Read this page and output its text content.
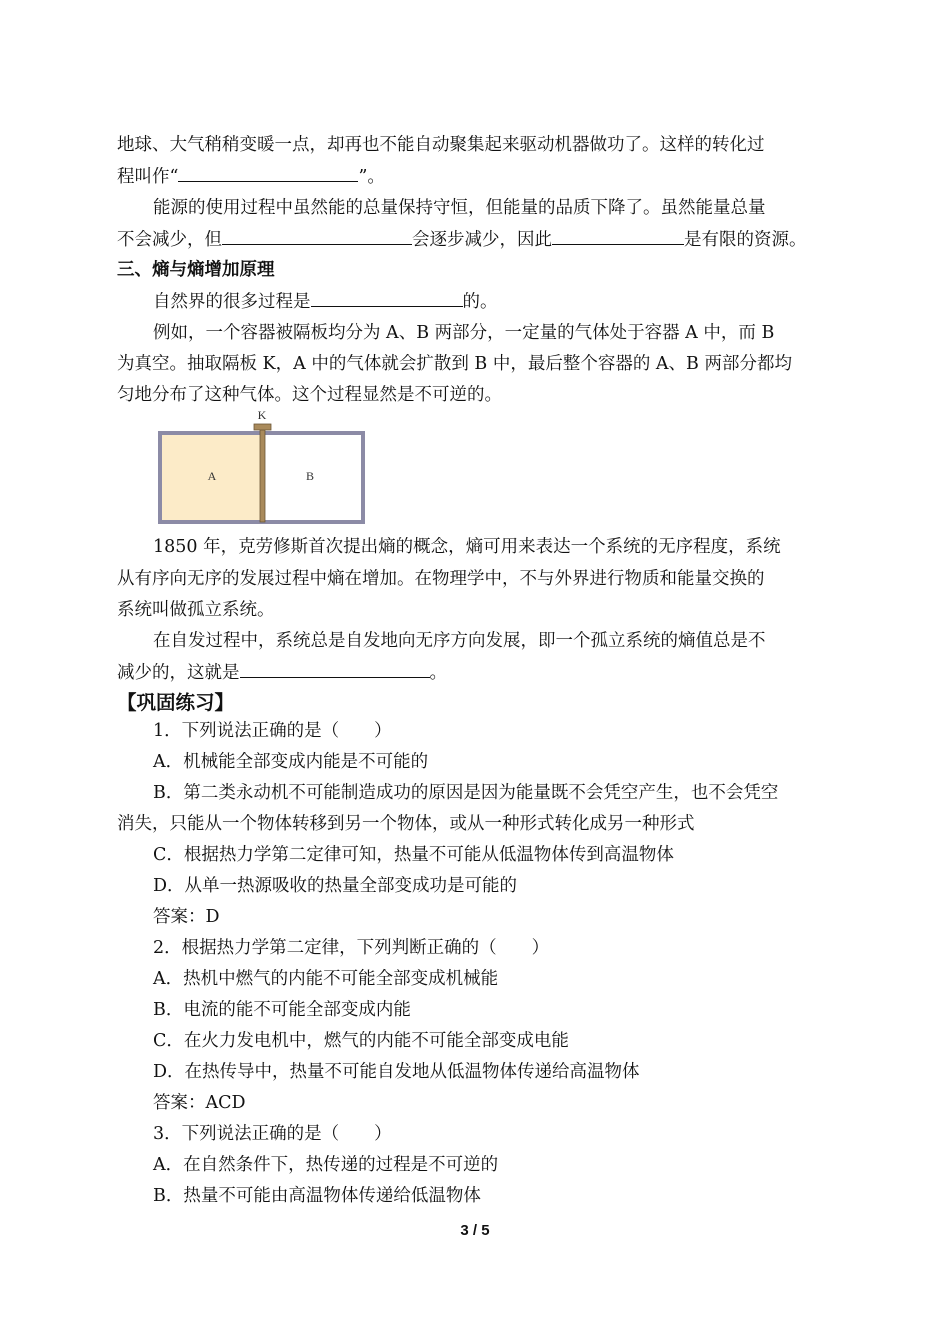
地球、大气稍稍变暖一点，却再也不能自动聚集起来驱动机器做功了。这样的转化过
程叫作“	”。
能源的使用过程中虽然能的总量保持守恒，但能量的品质下降了。虽然能量总量
不会减少，但	会逐步减少，因此	是有限的资源。
三、熵与熵增加原理
自然界的很多过程是	的。
例如，一个容器被隔板均分为 A、B 两部分，一定量的气体处于容器 A 中，而 B
为真空。抽取隔板 K，A 中的气体就会扩散到 B 中，最后整个容器的 A、B 两部分都均
匀地分布了这种气体。这个过程显然是不可逆的。
K
A	B
1850 年，克劳修斯首次提出熵的概念，熵可用来表达一个系统的无序程度，系统
从有序向无序的发展过程中熵在增加。在物理学中，不与外界进行物质和能量交换的
系统叫做孤立系统。
在自发过程中，系统总是自发地向无序方向发展，即一个孤立系统的熵值总是不
减少的，这就是	。
【巩固练习】
1．下列说法正确的是（　　）
A．机械能全部变成内能是不可能的
B．第二类永动机不可能制造成功的原因是因为能量既不会凭空产生，也不会凭空
消失，只能从一个物体转移到另一个物体，或从一种形式转化成另一种形式
C．根据热力学第二定律可知，热量不可能从低温物体传到高温物体
D．从单一热源吸收的热量全部变成功是可能的
答案：D
2．根据热力学第二定律，下列判断正确的（　　）
A．热机中燃气的内能不可能全部变成机械能
B．电流的能不可能全部变成内能
C．在火力发电机中，燃气的内能不可能全部变成电能
D．在热传导中，热量不可能自发地从低温物体传递给高温物体
答案：ACD
3．下列说法正确的是（　　）
A．在自然条件下，热传递的过程是不可逆的
B．热量不可能由高温物体传递给低温物体
3 / 5
